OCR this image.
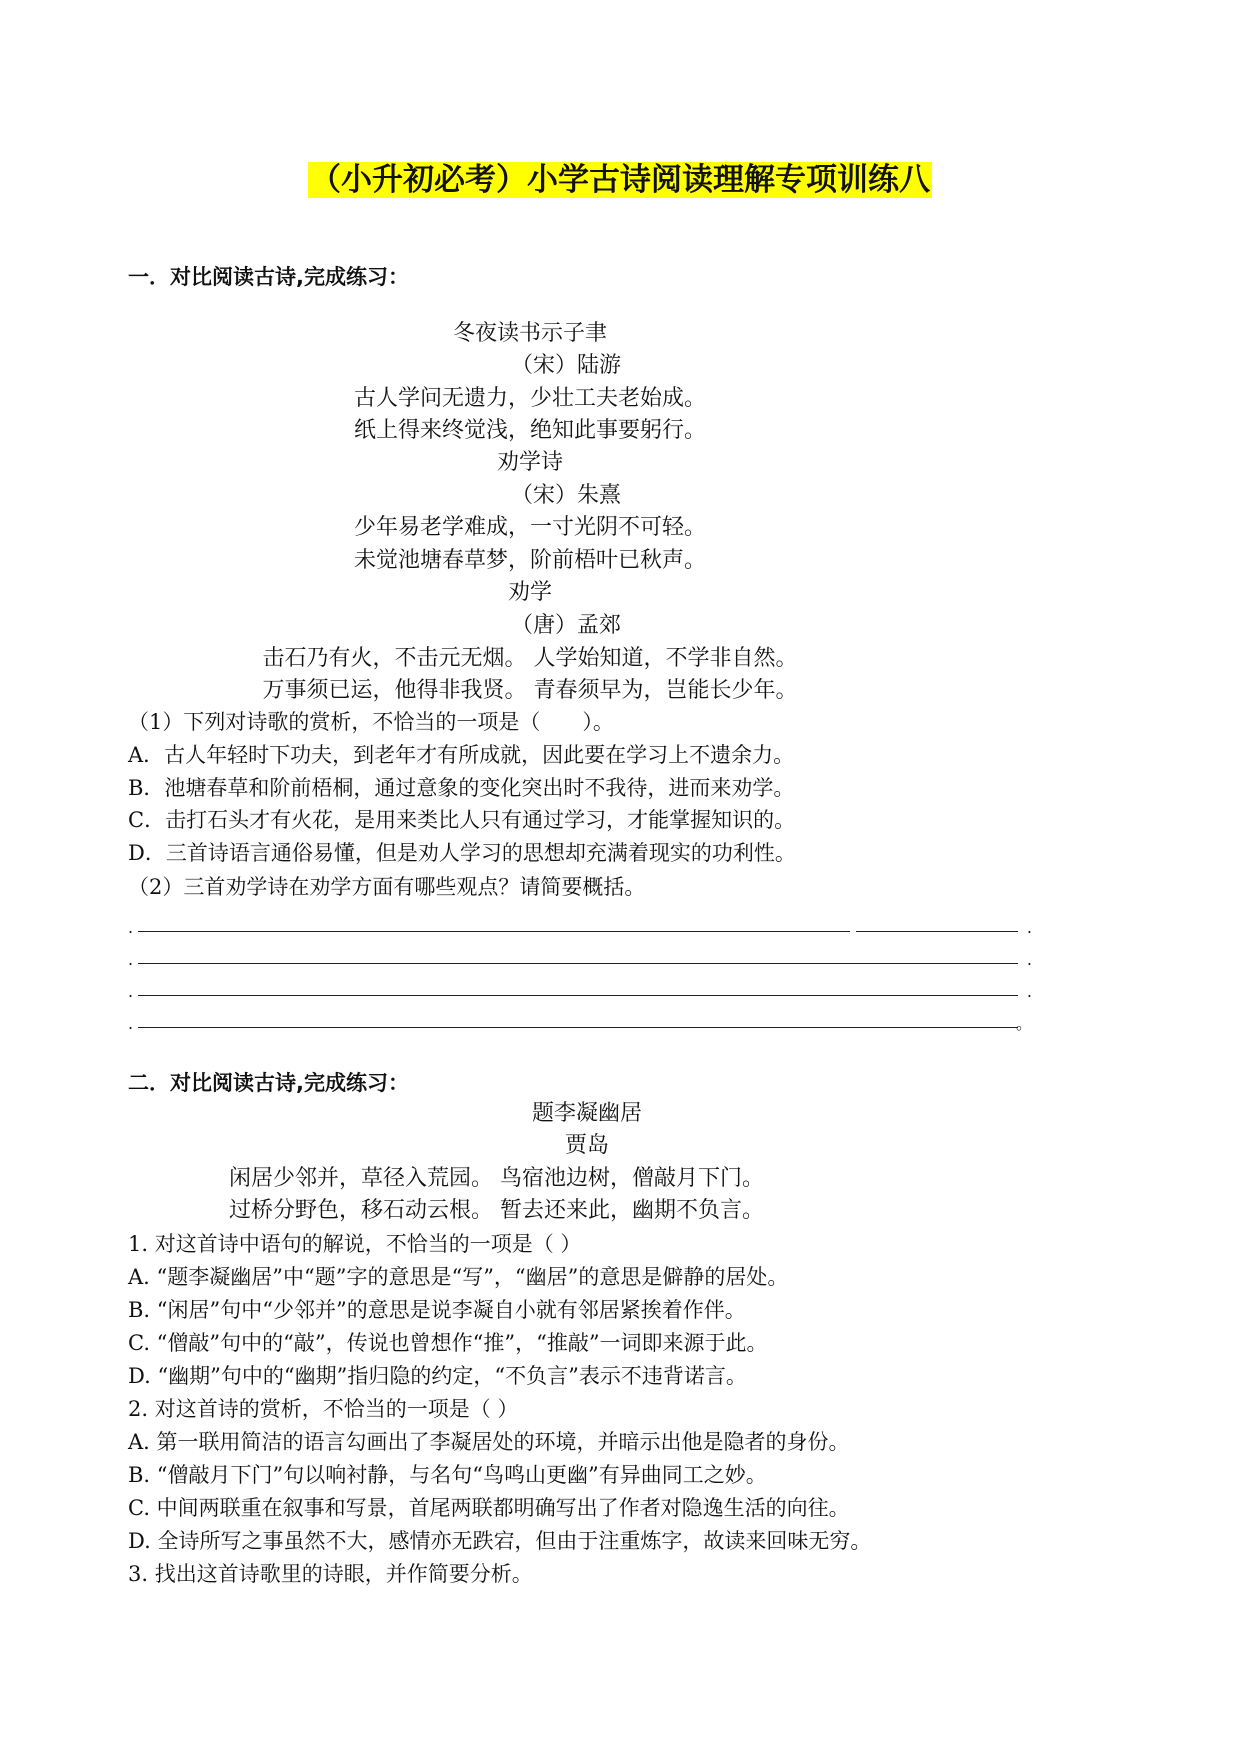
（小升初必考）小学古诗阅读理解专项训练八
一．对比阅读古诗,完成练习：
冬夜读书示子聿
（宋）陆游
古人学问无遗力，少壮工夫老始成。
纸上得来终觉浅，绝知此事要躬行。
劝学诗
（宋）朱熹
少年易老学难成，一寸光阴不可轻。
未觉池塘春草梦，阶前梧叶已秋声。
劝学
（唐）孟郊
击石乃有火，不击元无烟。 人学始知道，不学非自然。
万事须已运，他得非我贤。 青春须早为，岂能长少年。
（1）下列对诗歌的赏析，不恰当的一项是（　　）。
A．古人年轻时下功夫，到老年才有所成就，因此要在学习上不遗余力。
B．池塘春草和阶前梧桐，通过意象的变化突出时不我待，进而来劝学。
C．击打石头才有火花，是用来类比人只有通过学习，才能掌握知识的。
D．三首诗语言通俗易懂，但是劝人学习的思想却充满着现实的功利性。
（2）三首劝学诗在劝学方面有哪些观点？请简要概括。
.	.
.	.
.	.
.	。
二．对比阅读古诗,完成练习：
题李凝幽居
贾岛
闲居少邻并，草径入荒园。 鸟宿池边树，僧敲月下门。
过桥分野色，移石动云根。 暂去还来此，幽期不负言。
1. 对这首诗中语句的解说，不恰当的一项是（ ）
A. “题李凝幽居”中“题”字的意思是“写”，“幽居”的意思是僻静的居处。
B. “闲居”句中“少邻并”的意思是说李凝自小就有邻居紧挨着作伴。
C. “僧敲”句中的“敲”，传说也曾想作“推”，“推敲”一词即来源于此。
D. “幽期”句中的“幽期”指归隐的约定，“不负言”表示不违背诺言。
2. 对这首诗的赏析，不恰当的一项是（ ）
A. 第一联用简洁的语言勾画出了李凝居处的环境，并暗示出他是隐者的身份。
B. “僧敲月下门”句以响衬静，与名句“鸟鸣山更幽”有异曲同工之妙。
C. 中间两联重在叙事和写景，首尾两联都明确写出了作者对隐逸生活的向往。
D. 全诗所写之事虽然不大，感情亦无跌宕，但由于注重炼字，故读来回味无穷。
3. 找出这首诗歌里的诗眼，并作简要分析。
